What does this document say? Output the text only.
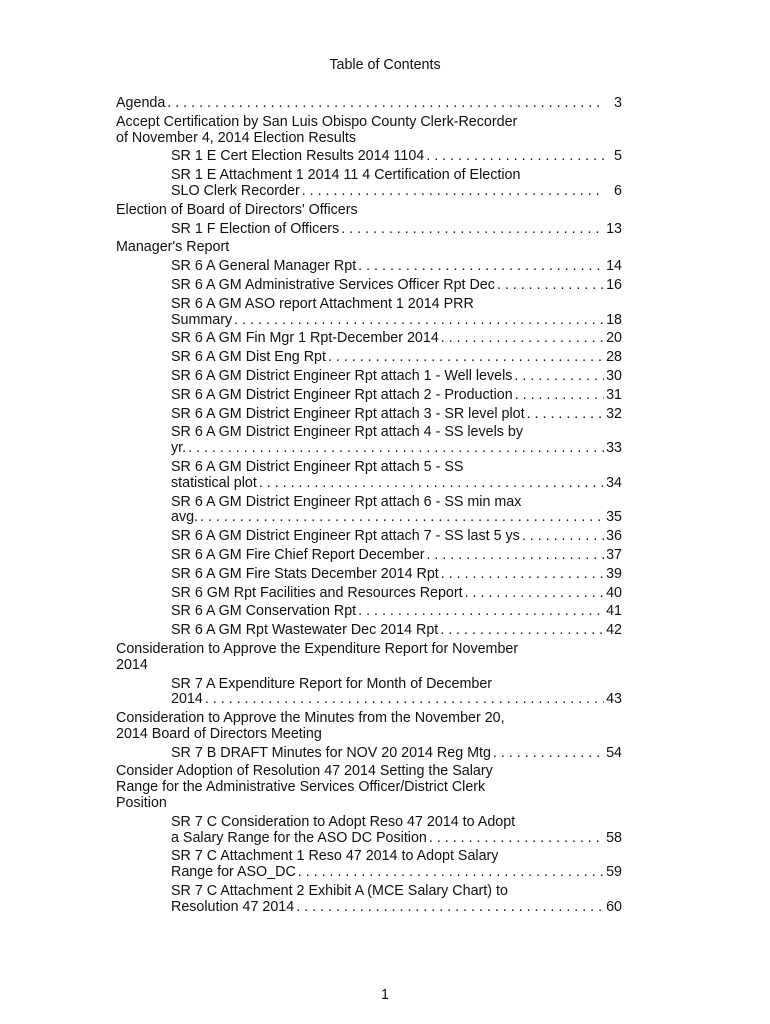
Table of Contents
Agenda . . .	3
Accept Certification by San Luis Obispo County Clerk-Recorder
of November 4, 2014 Election Results
SR 1 E Cert Election Results 2014 1104 . . .	5
SR 1 E Attachment 1 2014 11 4 Certification of Election
SLO Clerk Recorder . . .	6
Election of Board of Directors' Officers
SR 1 F Election of Officers . . .	13
Manager's Report
SR 6 A General Manager Rpt . . .	14
SR 6 A GM Administrative Services Officer Rpt Dec . . .	16
SR 6 A GM ASO report Attachment 1 2014 PRR
Summary . . .	18
SR 6 A GM Fin Mgr 1 Rpt-December 2014 . . .	20
SR 6 A GM Dist Eng Rpt . . .	28
SR 6 A GM District Engineer Rpt attach 1 - Well levels . . .	30
SR 6 A GM District Engineer Rpt attach 2 - Production . . .	31
SR 6 A GM District Engineer Rpt attach 3 - SR level plot . . .	32
SR 6 A GM District Engineer Rpt attach 4 - SS levels by
yr. . . .	33
SR 6 A GM District Engineer Rpt attach 5 - SS
statistical plot . . .	34
SR 6 A GM District Engineer Rpt attach 6 - SS min max
avg. . . .	35
SR 6 A GM District Engineer Rpt attach 7 - SS last 5 ys . . .	36
SR 6 A GM Fire Chief Report December . . .	37
SR 6 A GM Fire Stats December 2014 Rpt . . .	39
SR 6 GM Rpt Facilities and Resources Report . . .	40
SR 6 A GM Conservation Rpt . . .	41
SR 6 A GM Rpt Wastewater Dec 2014 Rpt . . .	42
Consideration to Approve the Expenditure Report for November
2014
SR 7 A Expenditure Report for Month of December
2014 . . .	43
Consideration to Approve the Minutes from the November 20,
2014 Board of Directors Meeting
SR 7 B DRAFT Minutes for NOV 20 2014 Reg Mtg . . .	54
Consider Adoption of Resolution 47 2014 Setting the Salary
Range for the Administrative Services Officer/District Clerk
Position
SR 7 C Consideration to Adopt Reso 47 2014 to Adopt
a Salary Range for the ASO DC Position . . .	58
SR 7 C Attachment 1 Reso 47 2014 to Adopt Salary
Range for ASO_DC . . .	59
SR 7 C Attachment 2 Exhibit A (MCE Salary Chart) to
Resolution 47 2014 . . .	60
1
